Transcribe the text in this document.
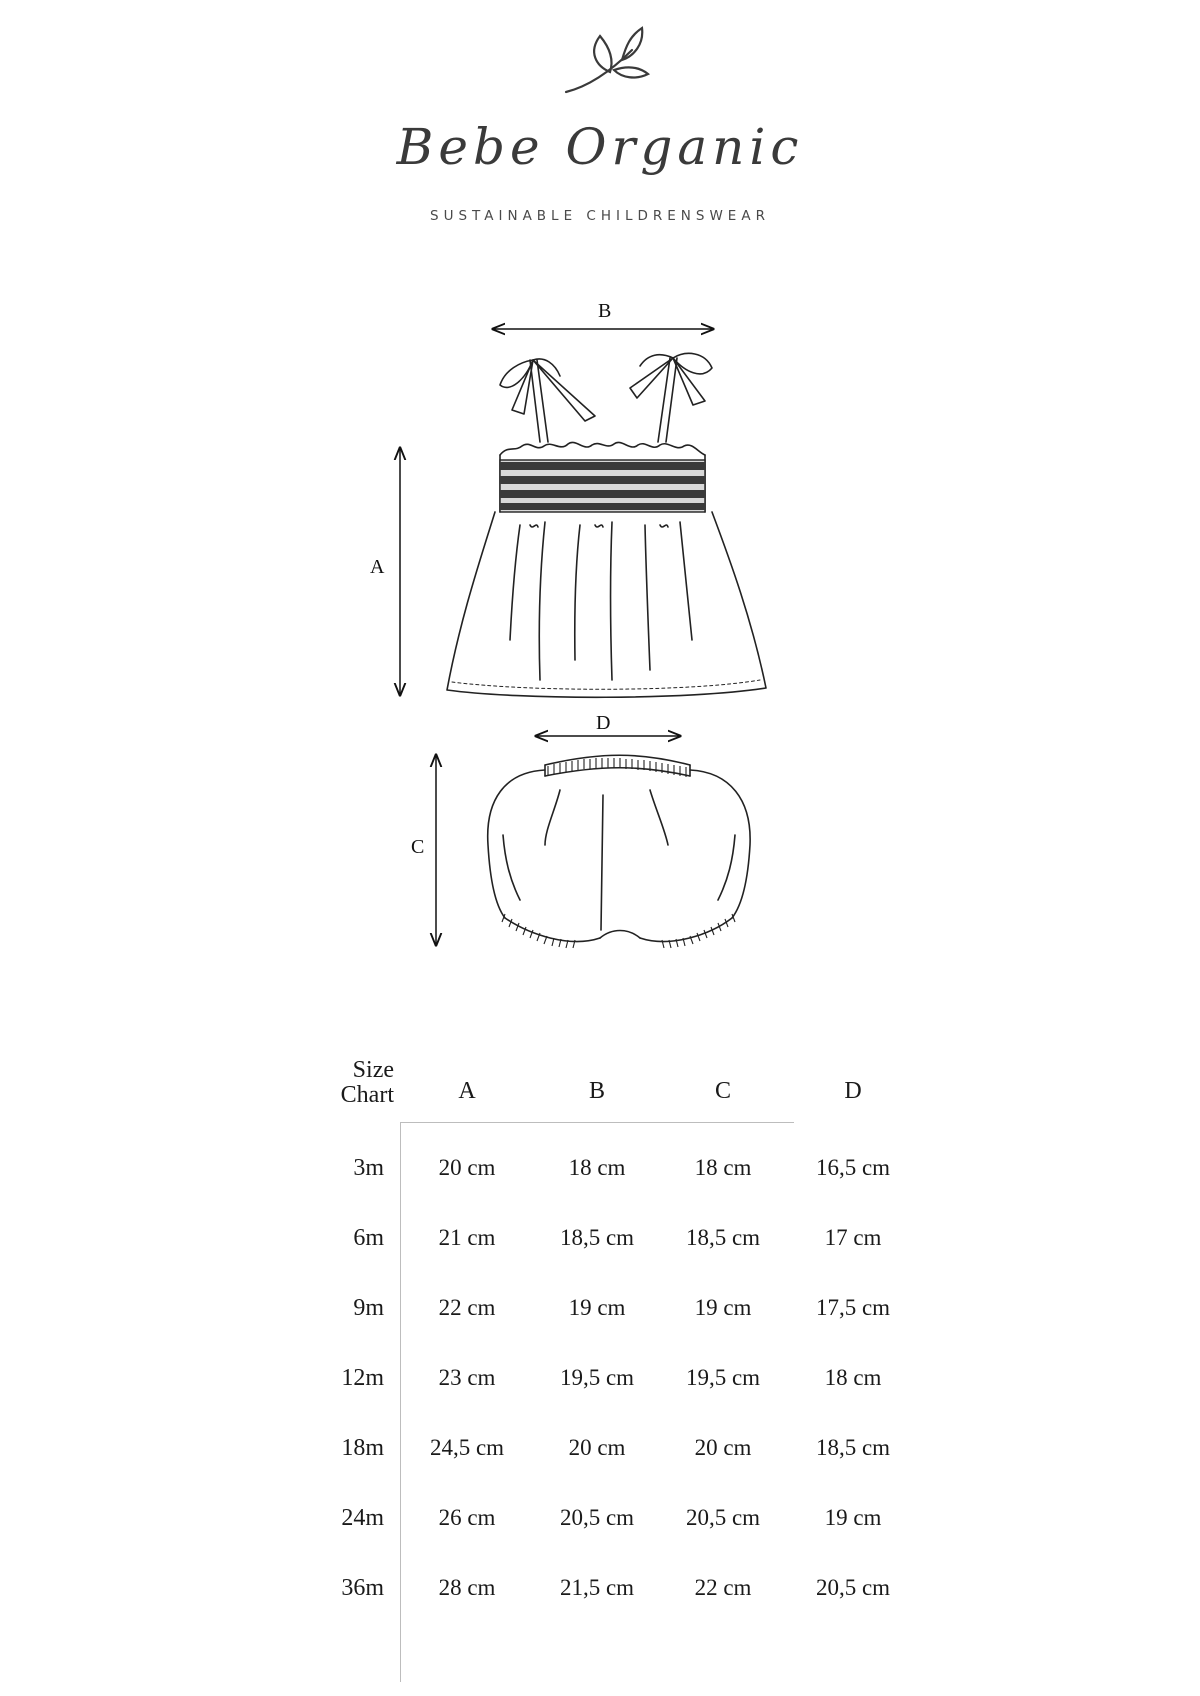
Bebe Organic
SUSTAINABLE CHILDRENSWEAR
B
A
D
C
Size
Chart	A	B	C	D
3m	20 cm	18 cm	18 cm	16,5 cm
6m	21 cm	18,5 cm	18,5 cm	17 cm
9m	22 cm	19 cm	19 cm	17,5 cm
12m	23 cm	19,5 cm	19,5 cm	18 cm
18m	24,5 cm	20 cm	20 cm	18,5 cm
24m	26 cm	20,5 cm	20,5 cm	19 cm
36m	28 cm	21,5 cm	22 cm	20,5 cm
